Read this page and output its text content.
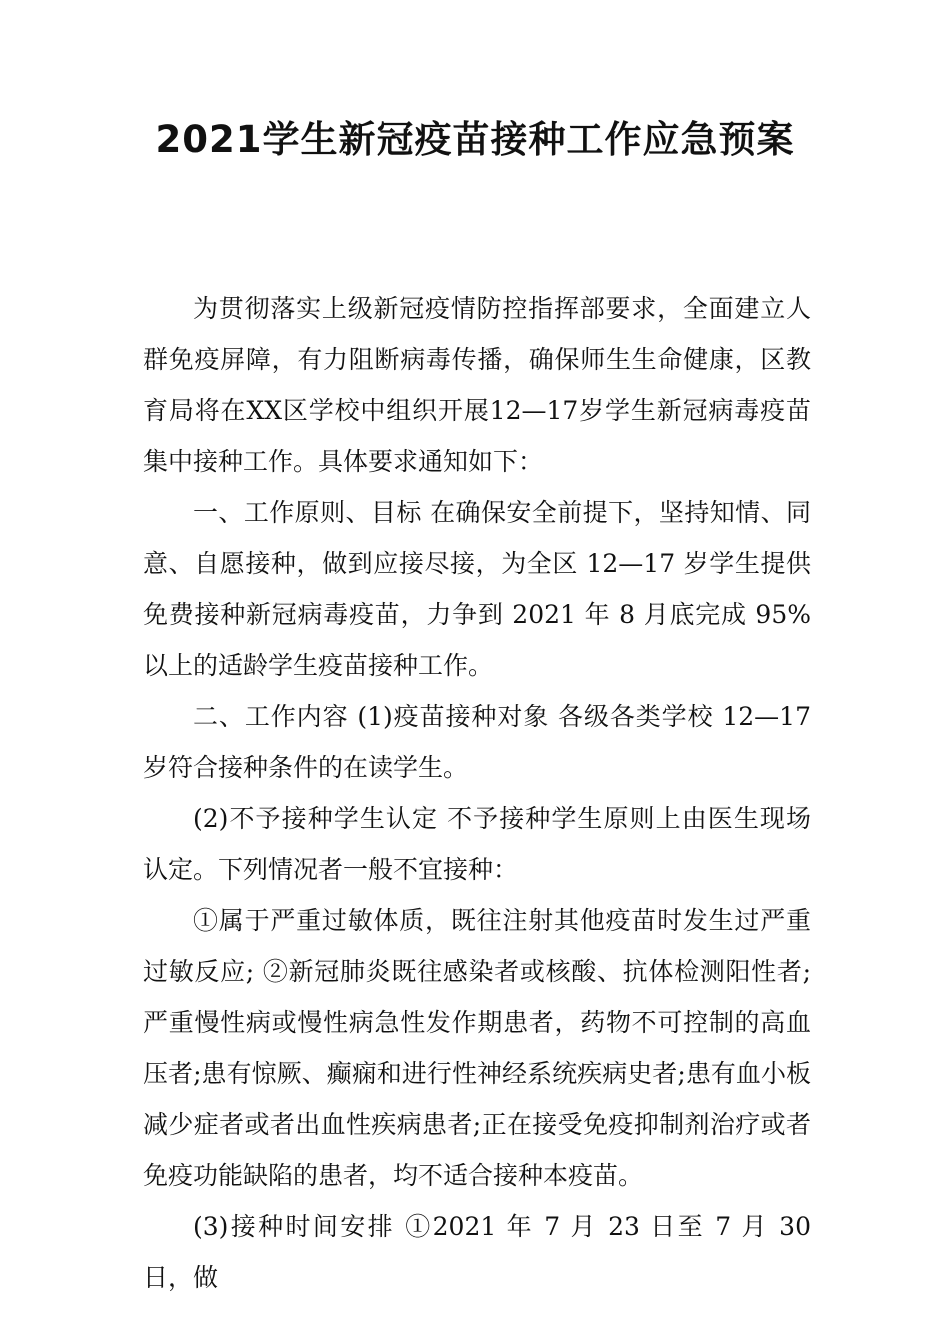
2021学生新冠疫苗接种工作应急预案

为贯彻落实上级新冠疫情防控指挥部要求，全面建立人群免疫屏障，有力阻断病毒传播，确保师生生命健康，区教育局将在XX区学校中组织开展12—17岁学生新冠病毒疫苗集中接种工作。具体要求通知如下：

一、工作原则、目标 在确保安全前提下，坚持知情、同意、自愿接种，做到应接尽接，为全区 12—17 岁学生提供免费接种新冠病毒疫苗，力争到 2021 年 8 月底完成 95% 以上的适龄学生疫苗接种工作。

二、工作内容 (1)疫苗接种对象 各级各类学校 12—17 岁符合接种条件的在读学生。

(2)不予接种学生认定 不予接种学生原则上由医生现场认定。下列情况者一般不宜接种：

①属于严重过敏体质，既往注射其他疫苗时发生过严重过敏反应; ②新冠肺炎既往感染者或核酸、抗体检测阳性者;严重慢性病或慢性病急性发作期患者，药物不可控制的高血压者;患有惊厥、癫痫和进行性神经系统疾病史者;患有血小板减少症者或者出血性疾病患者;正在接受免疫抑制剂治疗或者免疫功能缺陷的患者，均不适合接种本疫苗。

(3)接种时间安排 ①2021 年 7 月 23 日至 7 月 30 日，做
